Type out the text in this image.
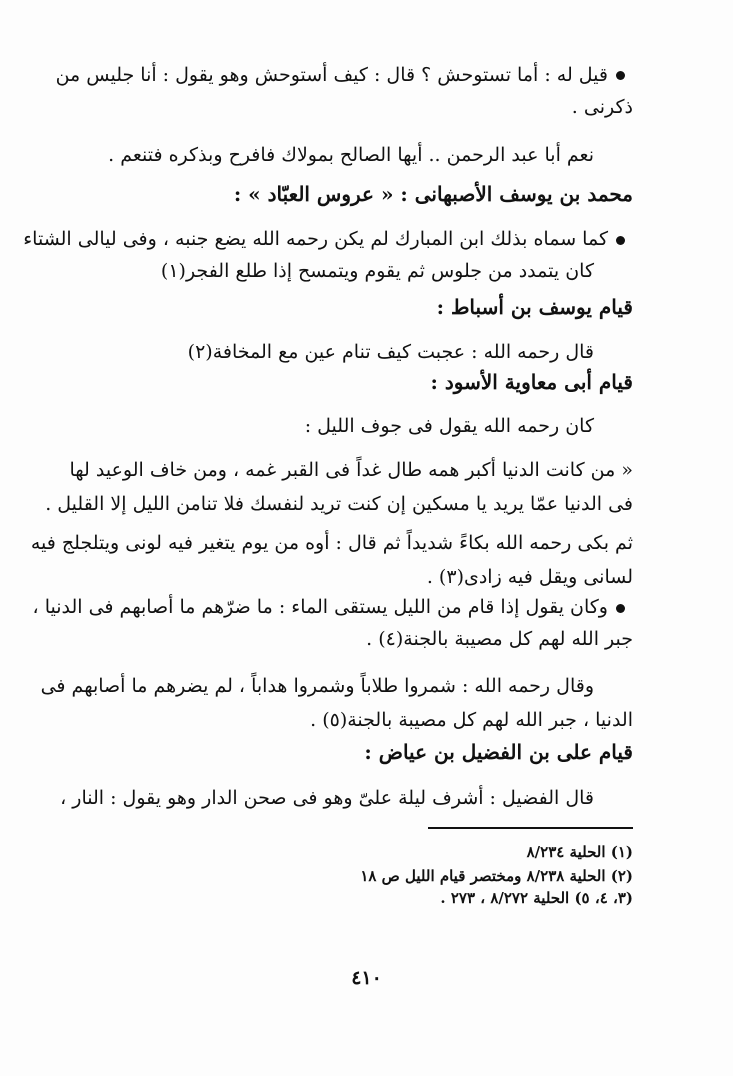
قيل له : أما تستوحش ؟ قال : كيف أستوحش وهو يقول : أنا جليس من
ذكرنى .
نعم أبا عبد الرحمن .. أيها الصالح بمولاك فافرح وبذكره فتنعم .
محمد بن يوسف الأصبهانى : « عروس العبّاد » :
كما سماه بذلك ابن المبارك لم يكن رحمه الله يضع جنبه ، وفى ليالى الشتاء
كان يتمدد من جلوس ثم يقوم ويتمسح إذا طلع الفجر(١)
قيام يوسف بن أسباط :
قال رحمه الله : عجبت كيف تنام عين مع المخافة(٢)
قيام أبى معاوية الأسود :
كان رحمه الله يقول فى جوف الليل :
« من كانت الدنيا أكبر همه طال غداً فى القبر غمه ، ومن خاف الوعيد لها
فى الدنيا عمّا يريد يا مسكين إن كنت تريد لنفسك فلا تنامن الليل إلا القليل .
ثم بكى رحمه الله بكاءً شديداً ثم قال : أوه من يوم يتغير فيه لونى ويتلجلج فيه
لسانى ويقل فيه زادى(٣) .
وكان يقول إذا قام من الليل يستقى الماء : ما ضرّهم ما أصابهم فى الدنيا ،
جبر الله لهم كل مصيبة بالجنة(٤) .
وقال رحمه الله : شمروا طلاباً وشمروا هداباً ، لم يضرهم ما أصابهم فى
الدنيا ، جبر الله لهم كل مصيبة بالجنة(٥) .
قيام على بن الفضيل بن عياض :
قال الفضيل : أشرف ليلة علىّ وهو فى صحن الدار وهو يقول : النار ،
(١) الحلية ٨/٢٣٤
(٢) الحلية ٨/٢٣٨ ومختصر قيام الليل ص ١٨
(٣، ٤، ٥) الحلية ٨/٢٧٢ ، ٢٧٣ .
٤١٠
